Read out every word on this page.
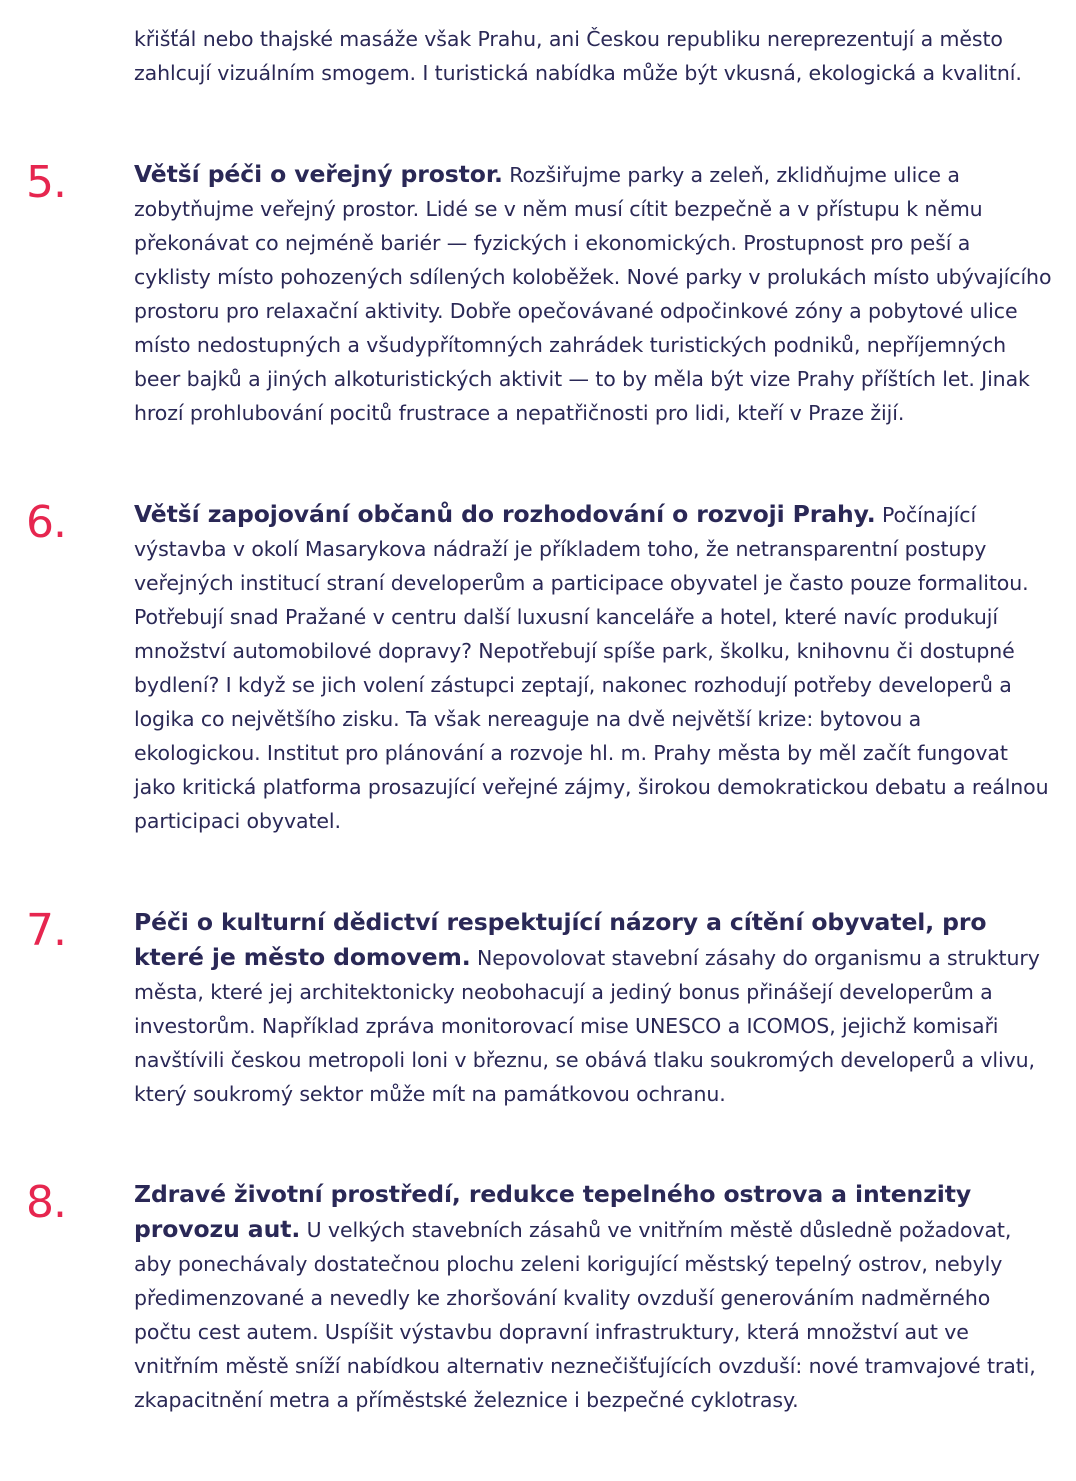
křišťál nebo thajské masáže však Prahu, ani Českou republiku nereprezentují a město zahlcují vizuálním smogem. I turistická nabídka může být vkusná, ekologická a kvalitní.

5.	Větší péči o veřejný prostor. Rozšiřujme parky a zeleň, zklidňujme ulice a zobytňujme veřejný prostor. Lidé se v něm musí cítit bezpečně a v přístupu k němu překonávat co nejméně bariér — fyzických i ekonomických. Prostupnost pro peší a cyklisty místo pohozených sdílených koloběžek. Nové parky v prolukách místo ubývajícího prostoru pro relaxační aktivity. Dobře opečovávané odpočinkové zóny a pobytové ulice místo nedostupných a všudypřítomných zahrádek turistických podniků, nepříjemných beer bajků a jiných alkoturistických aktivit — to by měla být vize Prahy příštích let. Jinak hrozí prohlubování pocitů frustrace a nepatřičnosti pro lidi, kteří v Praze žijí.

6.	Větší zapojování občanů do rozhodování o rozvoji Prahy. Počínající výstavba v okolí Masarykova nádraží je příkladem toho, že netransparentní postupy veřejných institucí straní developerům a participace obyvatel je často pouze formalitou. Potřebují snad Pražané v centru další luxusní kanceláře a hotel, které navíc produkují množství automobilové dopravy? Nepotřebují spíše park, školku, knihovnu či dostupné bydlení? I když se jich volení zástupci zeptají, nakonec rozhodují potřeby developerů a logika co největšího zisku. Ta však nereaguje na dvě největší krize: bytovou a ekologickou. Institut pro plánování a rozvoje hl. m. Prahy města by měl začít fungovat jako kritická platforma prosazující veřejné zájmy, širokou demokratickou debatu a reálnou participaci obyvatel.

7.	Péči o kulturní dědictví respektující názory a cítění obyvatel, pro které je město domovem. Nepovolovat stavební zásahy do organismu a struktury města, které jej architektonicky neobohacují a jediný bonus přinášejí developerům a investorům. Například zpráva monitorovací mise UNESCO a ICOMOS, jejichž komisaři navštívili českou metropoli loni v březnu, se obává tlaku soukromých developerů a vlivu, který soukromý sektor může mít na památkovou ochranu.

8.	Zdravé životní prostředí, redukce tepelného ostrova a intenzity provozu aut. U velkých stavebních zásahů ve vnitřním městě důsledně požadovat, aby ponechávaly dostatečnou plochu zeleni korigující městský tepelný ostrov, nebyly předimenzované a nevedly ke zhoršování kvality ovzduší generováním nadměrného počtu cest autem. Uspíšit výstavbu dopravní infrastruktury, která množství aut ve vnitřním městě sníží nabídkou alternativ neznečišťujících ovzduší: nové tramvajové trati, zkapacitnění metra a příměstské železnice i bezpečné cyklotrasy.
